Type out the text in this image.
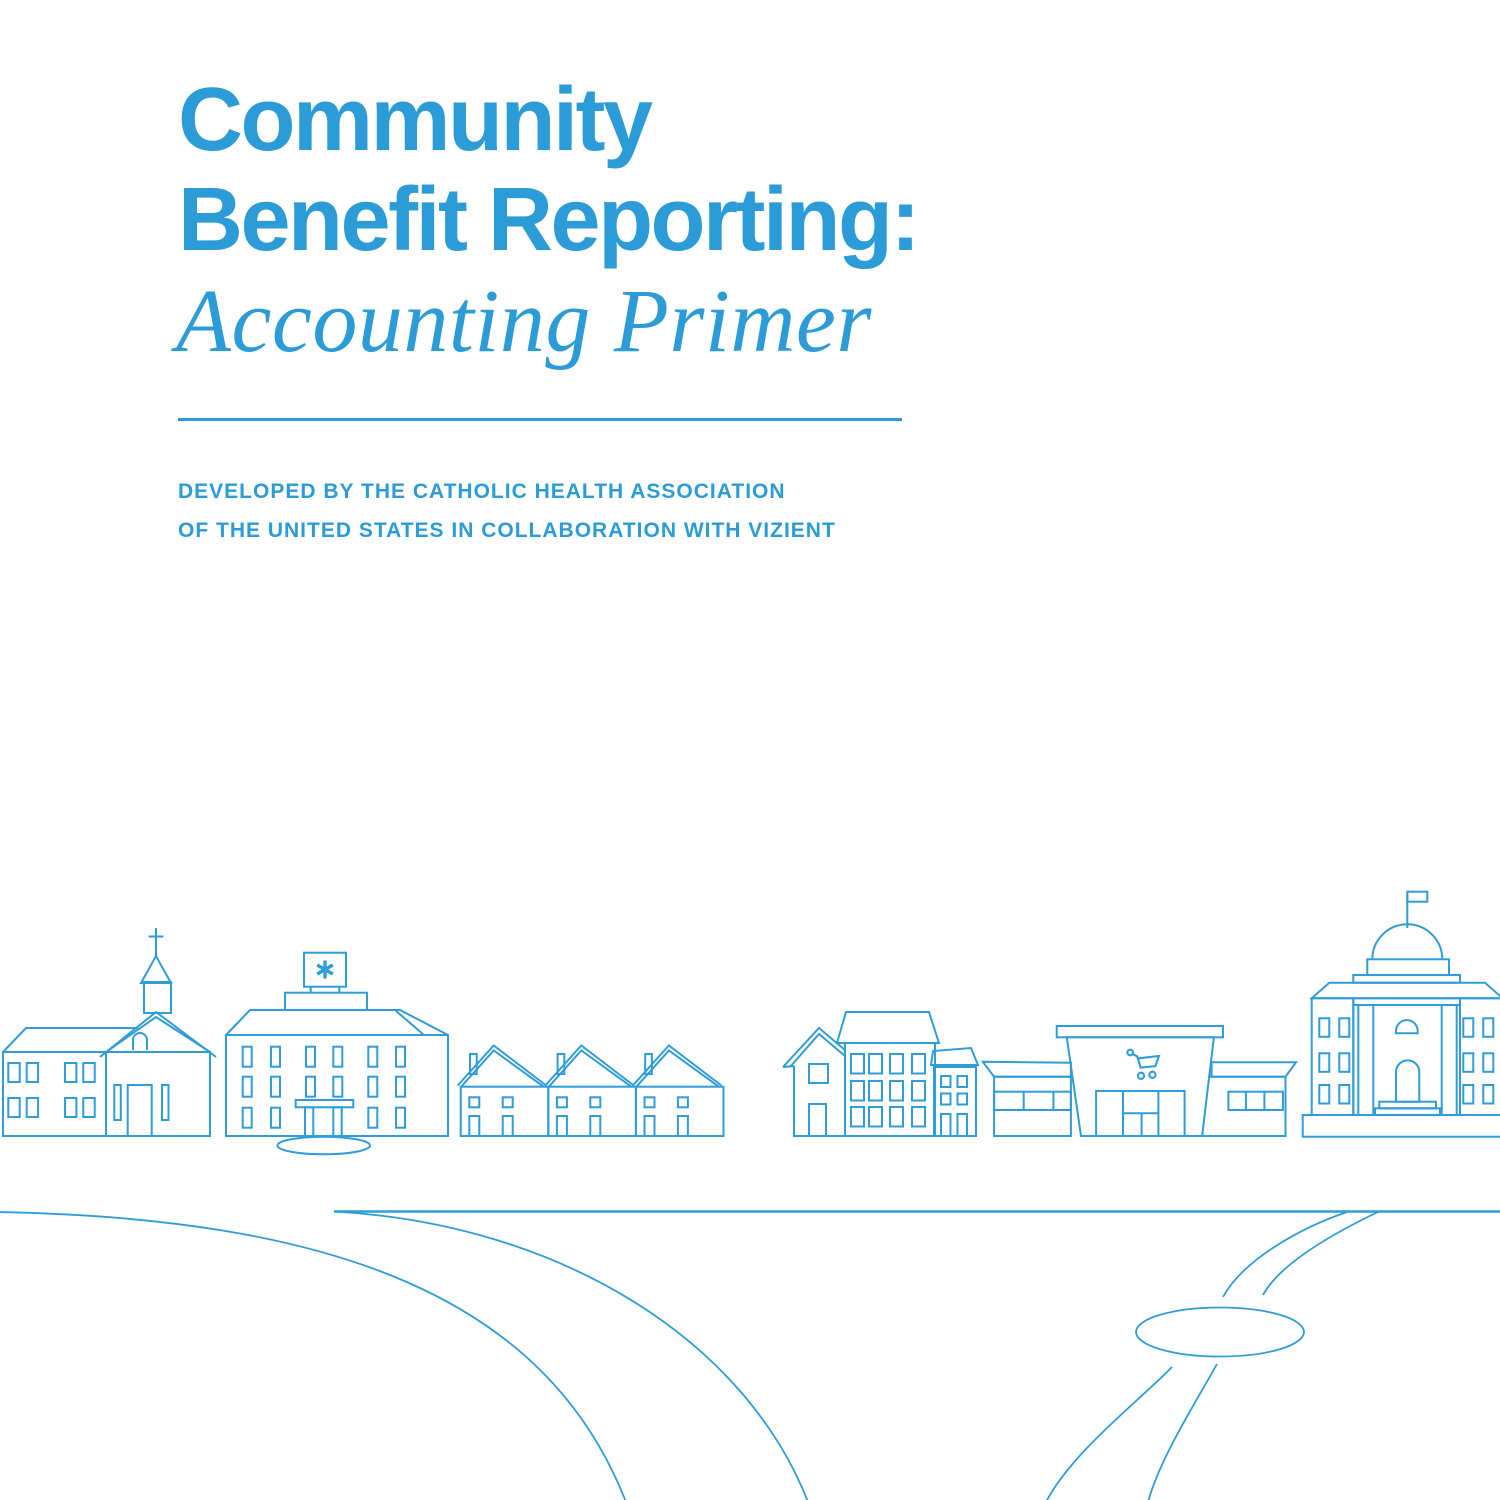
Community
Benefit Reporting:
Accounting Primer
DEVELOPED BY THE CATHOLIC HEALTH ASSOCIATION
OF THE UNITED STATES IN COLLABORATION WITH VIZIENT
